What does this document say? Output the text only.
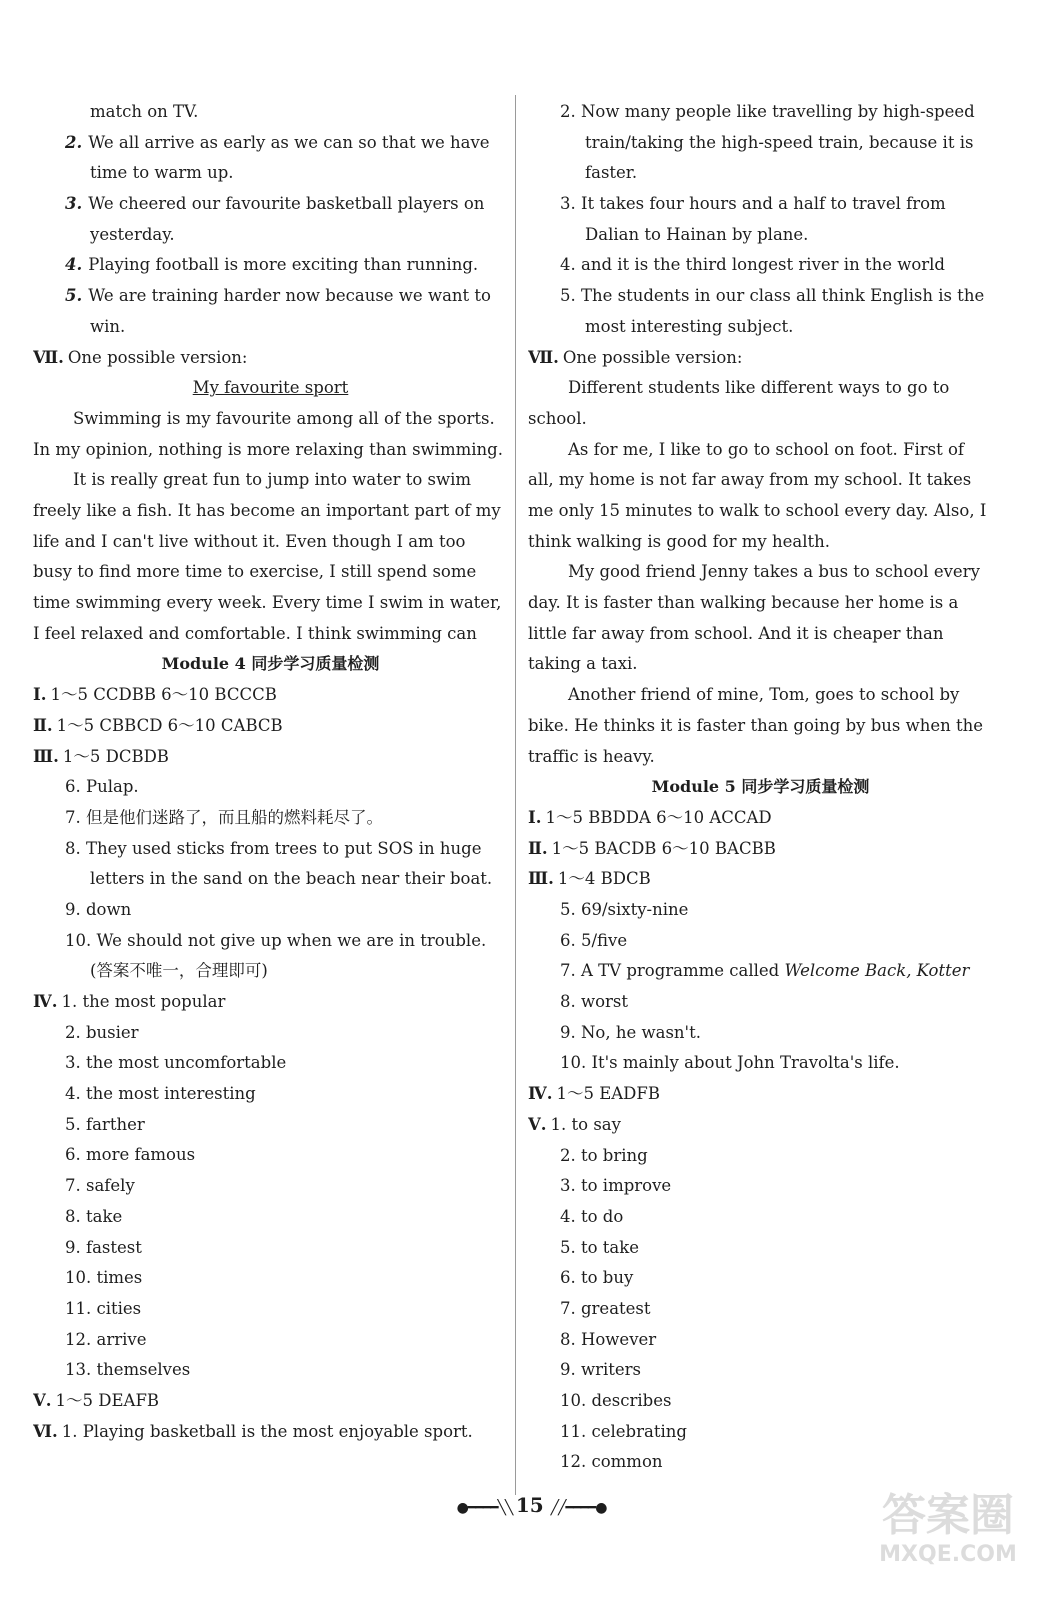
match on TV.
2. We all arrive as early as we can so that we have
time to warm up.
3. We cheered our favourite basketball players on
yesterday.
4. Playing football is more exciting than running.
5. We are training harder now because we want to
win.
Ⅶ. One possible version:
My favourite sport

Swimming is my favourite among all of the sports. In my opinion, nothing is more relaxing than swimming.

It is really great fun to jump into water to swim freely like a fish. It has become an important part of my life and I can't live without it. Even though I am too busy to find more time to exercise, I still spend some time swimming every week. Every time I swim in water, I feel relaxed and comfortable. I think swimming can

Module 4 同步学习质量检测
Ⅰ. 1～5 CCDBB 6～10 BCCCB
Ⅱ. 1～5 CBBCD 6～10 CABCB
Ⅲ. 1～5 DCBDB
6. Pulap.
7. 但是他们迷路了，而且船的燃料耗尽了。
8. They used sticks from trees to put SOS in huge
letters in the sand on the beach near their boat.
9. down
10. We should not give up when we are in trouble.
(答案不唯一，合理即可)
Ⅳ. 1. the most popular
2. busier
3. the most uncomfortable
4. the most interesting
5. farther
6. more famous
7. safely
8. take
9. fastest
10. times
11. cities
12. arrive
13. themselves
Ⅴ. 1～5 DEAFB
Ⅵ. 1. Playing basketball is the most enjoyable sport.
2. Now many people like travelling by high-speed
train/taking the high-speed train, because it is
faster.
3. It takes four hours and a half to travel from
Dalian to Hainan by plane.
4. and it is the third longest river in the world
5. The students in our class all think English is the
most interesting subject.
Ⅶ. One possible version:

Different students like different ways to go to school.

As for me, I like to go to school on foot. First of all, my home is not far away from my school. It takes me only 15 minutes to walk to school every day. Also, I think walking is good for my health.

My good friend Jenny takes a bus to school every day. It is faster than walking because her home is a little far away from school. And it is cheaper than taking a taxi.

Another friend of mine, Tom, goes to school by bike. He thinks it is faster than going by bus when the traffic is heavy.

Module 5 同步学习质量检测
Ⅰ. 1～5 BBDDA 6～10 ACCAD
Ⅱ. 1～5 BACDB 6～10 BACBB
Ⅲ. 1～4 BDCB
5. 69/sixty-nine
6. 5/five
7. A TV programme called Welcome Back, Kotter
8. worst
9. No, he wasn't.
10. It's mainly about John Travolta's life.
Ⅳ. 1～5 EADFB
Ⅴ. 1. to say
2. to bring
3. to improve
4. to do
5. to take
6. to buy
7. greatest
8. However
9. writers
10. describes
11. celebrating
12. common
●━━━━╲╲ 15 ╱╱━━━━●	答案圈
MXQE.COM
